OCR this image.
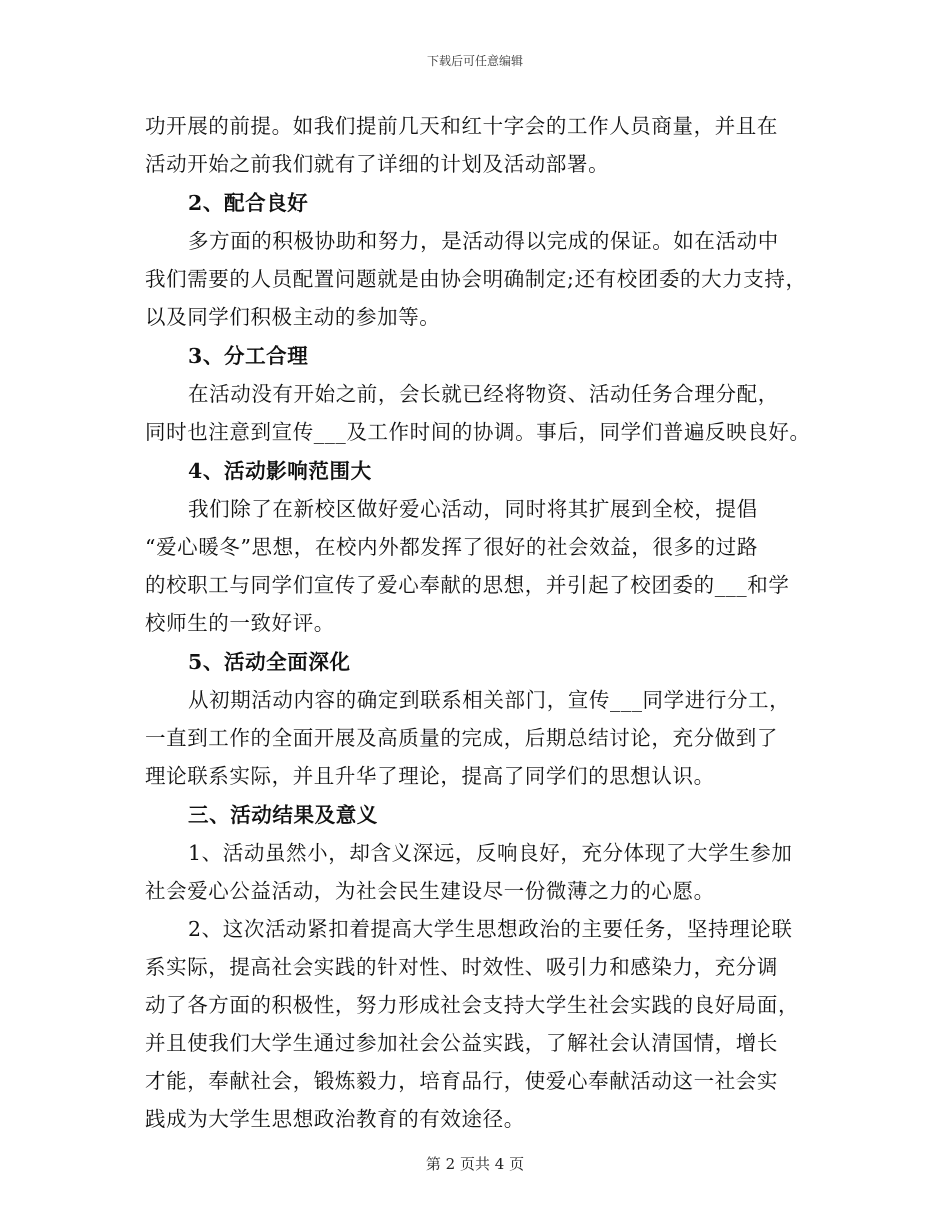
下载后可任意编辑
功开展的前提。如我们提前几天和红十字会的工作人员商量，并且在
活动开始之前我们就有了详细的计划及活动部署。
2、配合良好
多方面的积极协助和努力，是活动得以完成的保证。如在活动中
我们需要的人员配置问题就是由协会明确制定;还有校团委的大力支持，
以及同学们积极主动的参加等。
3、分工合理
在活动没有开始之前，会长就已经将物资、活动任务合理分配，
同时也注意到宣传___及工作时间的协调。事后，同学们普遍反映良好。
4、活动影响范围大
我们除了在新校区做好爱心活动，同时将其扩展到全校，提倡
“爱心暖冬”思想，在校内外都发挥了很好的社会效益，很多的过路
的校职工与同学们宣传了爱心奉献的思想，并引起了校团委的___和学
校师生的一致好评。
5、活动全面深化
从初期活动内容的确定到联系相关部门，宣传___同学进行分工，
一直到工作的全面开展及高质量的完成，后期总结讨论，充分做到了
理论联系实际，并且升华了理论，提高了同学们的思想认识。
三、活动结果及意义
1、活动虽然小，却含义深远，反响良好，充分体现了大学生参加
社会爱心公益活动，为社会民生建设尽一份微薄之力的心愿。
2、这次活动紧扣着提高大学生思想政治的主要任务，坚持理论联
系实际，提高社会实践的针对性、时效性、吸引力和感染力，充分调
动了各方面的积极性，努力形成社会支持大学生社会实践的良好局面，
并且使我们大学生通过参加社会公益实践，了解社会认清国情，增长
才能，奉献社会，锻炼毅力，培育品行，使爱心奉献活动这一社会实
践成为大学生思想政治教育的有效途径。
第 2 页共 4 页
